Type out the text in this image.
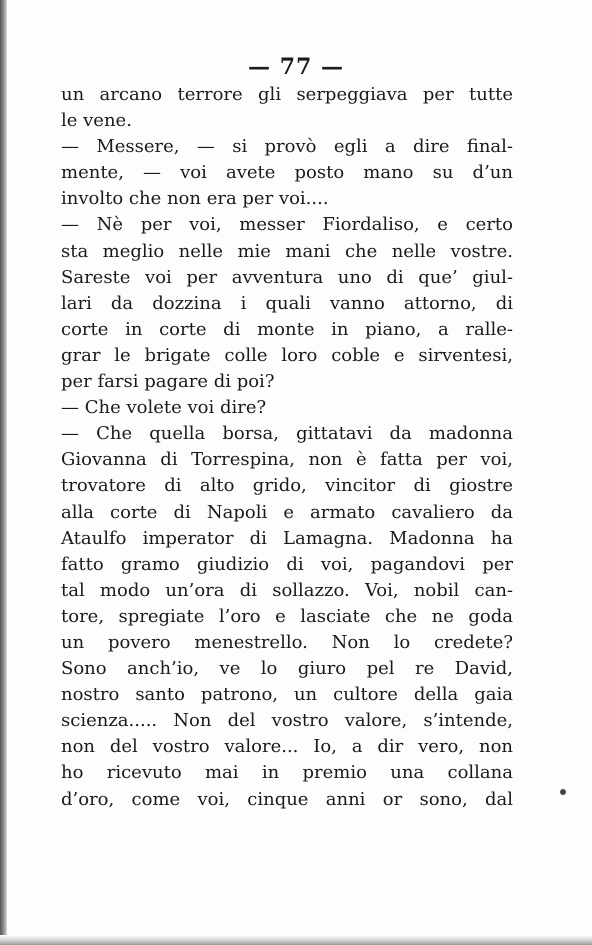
— 77 —
un arcano terrore gli serpeggiava per tutte
le vene.
— Messere, — si provò egli a dire final-
mente, — voi avete posto mano su d’un
involto che non era per voi....
— Nè per voi, messer Fiordaliso, e certo
sta meglio nelle mie mani che nelle vostre.
Sareste voi per avventura uno di que’ giul-
lari da dozzina i quali vanno attorno, di
corte in corte di monte in piano, a ralle-
grar le brigate colle loro coble e sirventesi,
per farsi pagare di poi?
— Che volete voi dire?
— Che quella borsa, gittatavi da madonna
Giovanna di Torrespina, non è fatta per voi,
trovatore di alto grido, vincitor di giostre
alla corte di Napoli e armato cavaliero da
Ataulfo imperator di Lamagna. Madonna ha
fatto gramo giudizio di voi, pagandovi per
tal modo un’ora di sollazzo. Voi, nobil can-
tore, spregiate l’oro e lasciate che ne goda
un povero menestrello. Non lo credete?
Sono anch’io, ve lo giuro pel re David,
nostro santo patrono, un cultore della gaia
scienza..... Non del vostro valore, s’intende,
non del vostro valore... Io, a dir vero, non
ho ricevuto mai in premio una collana
d’oro, come voi, cinque anni or sono, dal
